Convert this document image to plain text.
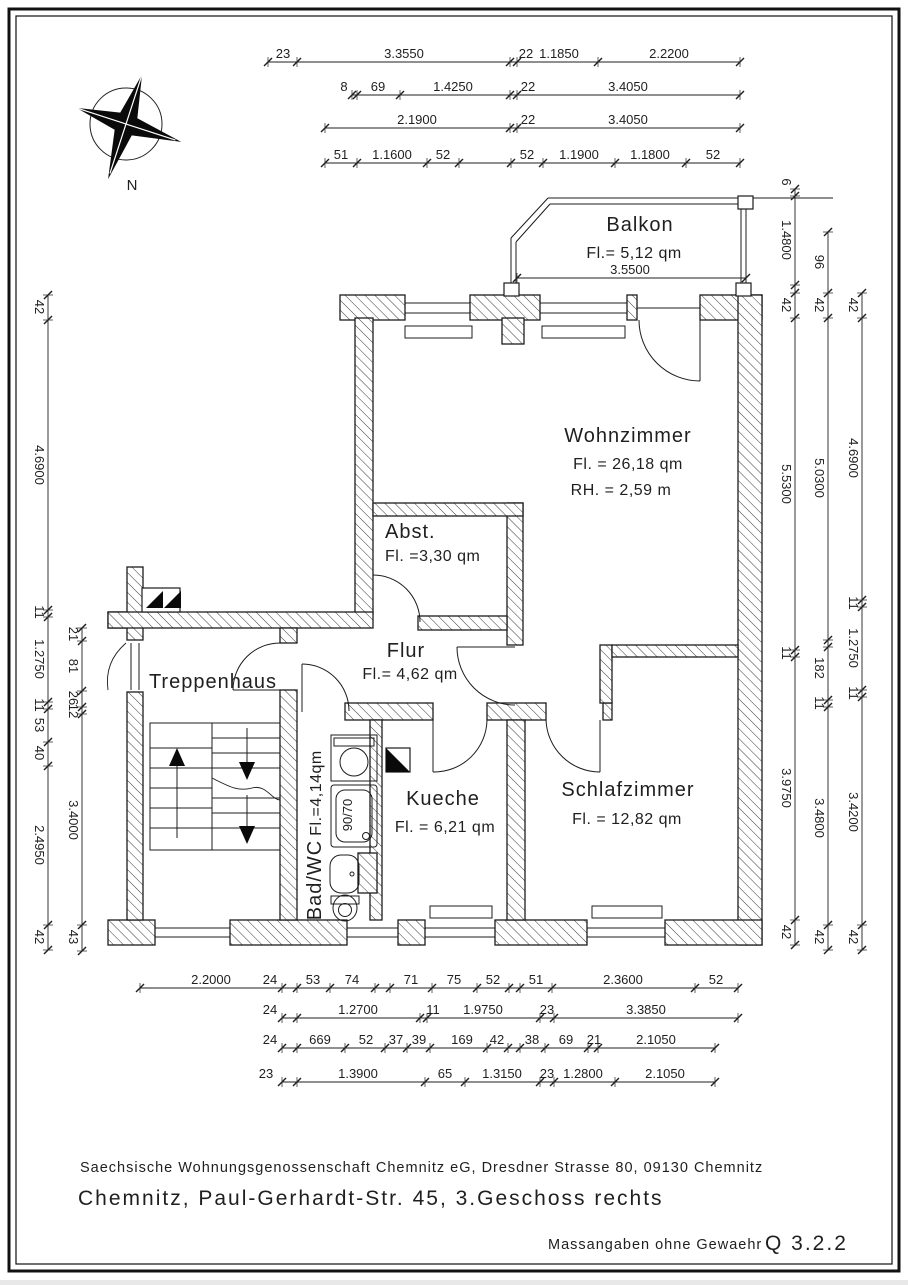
N
Balkon
Fl.= 5,12 qm
Wohnzimmer
Fl. = 26,18 qm
RH. = 2,59 m
Abst.
Fl. =3,30 qm
Flur
Fl.= 4,62 qm
Treppenhaus
Kueche
Fl. = 6,21 qm
Schlafzimmer
Fl. = 12,82 qm
Bad/WC
Fl.=4,14qm 90/70
23	3.3550	22 1.1850	2.2200
8 69	1.4250	22	3.4050
2.1900	22	3.4050
51 1.1600 52	52 1.1900 1.1800	52
3.5500
2.2000 24 53 74	71 75 52 51	2.3600	52
24	1.2700	11 1.9750	23	3.3850
24 669 52 37 39 169 42 38 69 21	2.1050
23	1.3900	65 1.3150 23 1.2800	2.1050
42
4.6900
11
1.2750
11
53
40
2.4950
42
21
81
26
12
3.4000
43
6
1.4800
42
5.5300
11
3.9750
42
96
42
5.0300
182
11
3.4800
42
42
4.6900
11
1.2750
11
3.4200
42
Saechsische Wohnungsgenossenschaft Chemnitz eG, Dresdner Strasse 80, 09130 Chemnitz
Chemnitz, Paul-Gerhardt-Str. 45, 3.Geschoss rechts
Massangaben ohne Gewaehr Q 3.2.2
